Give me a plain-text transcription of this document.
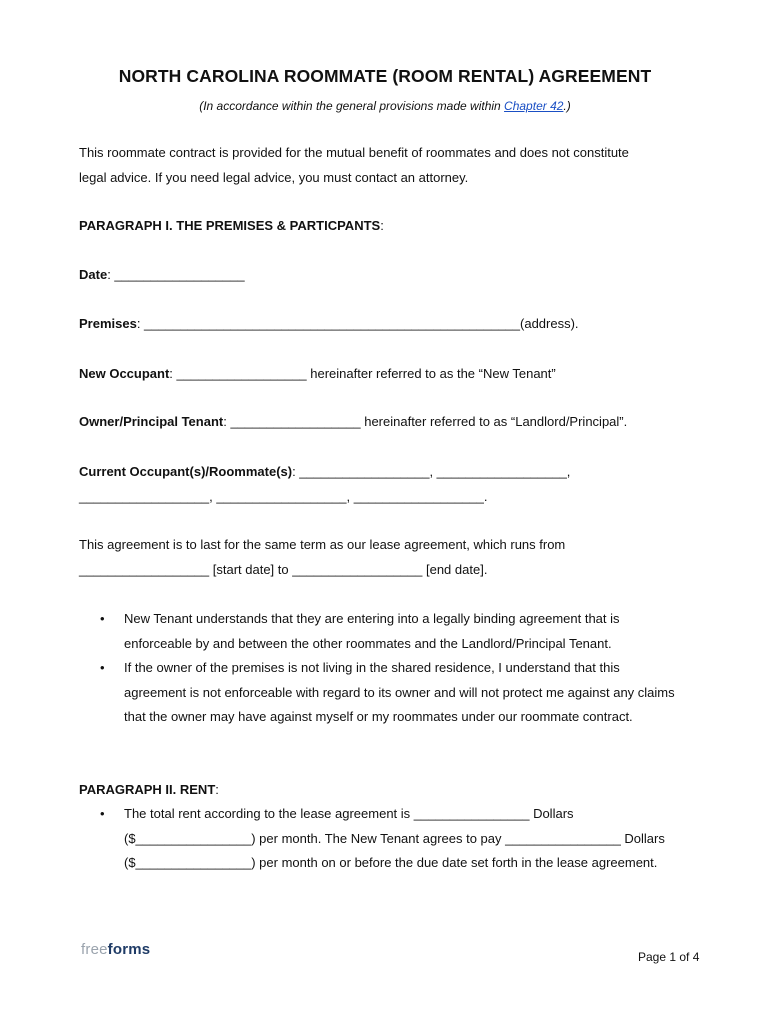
NORTH CAROLINA ROOMMATE (ROOM RENTAL) AGREEMENT
(In accordance within the general provisions made within Chapter 42.)
This roommate contract is provided for the mutual benefit of roommates and does not constitute
legal advice. If you need legal advice, you must contact an attorney.
PARAGRAPH I. THE PREMISES & PARTICPANTS:
Date: __________________
Premises: ____________________________________________________(address).
New Occupant: __________________ hereinafter referred to as the “New Tenant”
Owner/Principal Tenant: __________________ hereinafter referred to as “Landlord/Principal”.
Current Occupant(s)/Roommate(s): __________________, __________________,
__________________, __________________, __________________.
This agreement is to last for the same term as our lease agreement, which runs from
__________________ [start date] to __________________ [end date].
• New Tenant understands that they are entering into a legally binding agreement that is enforceable by and between the other roommates and the Landlord/Principal Tenant.
• If the owner of the premises is not living in the shared residence, I understand that this agreement is not enforceable with regard to its owner and will not protect me against any claims that the owner may have against myself or my roommates under our roommate contract.
PARAGRAPH II. RENT:
• The total rent according to the lease agreement is ________________ Dollars ($________________) per month. The New Tenant agrees to pay ________________ Dollars ($________________) per month on or before the due date set forth in the lease agreement.
freeforms	Page 1 of 4
